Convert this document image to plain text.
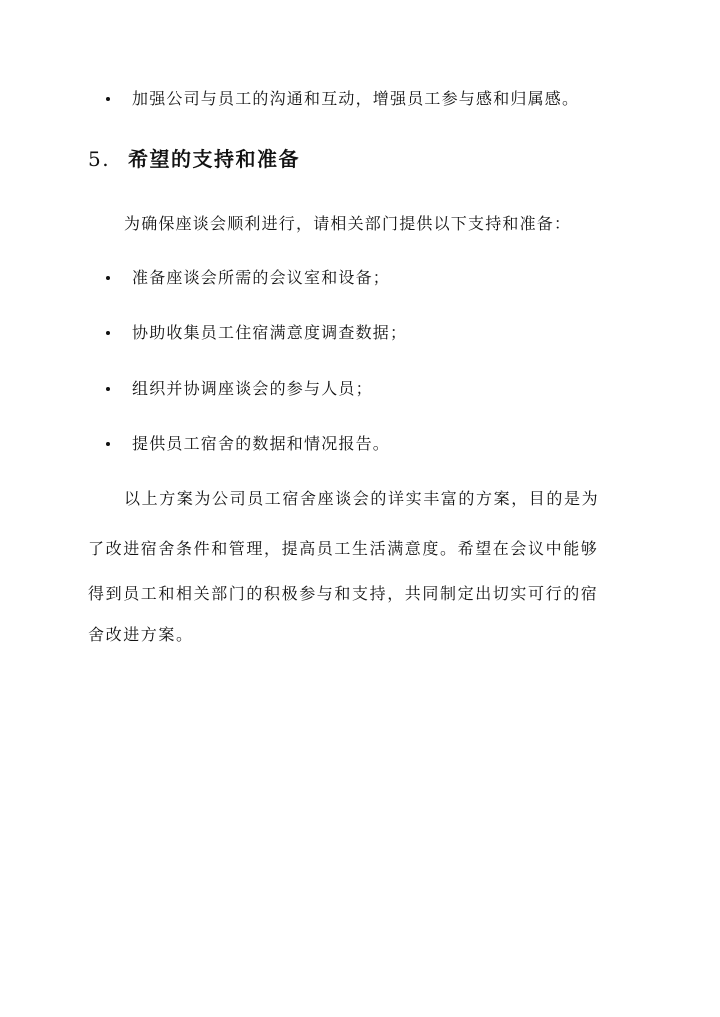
加强公司与员工的沟通和互动，增强员工参与感和归属感。
5. 希望的支持和准备
为确保座谈会顺利进行，请相关部门提供以下支持和准备：
准备座谈会所需的会议室和设备；
协助收集员工住宿满意度调查数据；
组织并协调座谈会的参与人员；
提供员工宿舍的数据和情况报告。
以上方案为公司员工宿舍座谈会的详实丰富的方案，目的是为
了改进宿舍条件和管理，提高员工生活满意度。希望在会议中能够
得到员工和相关部门的积极参与和支持，共同制定出切实可行的宿
舍改进方案。
